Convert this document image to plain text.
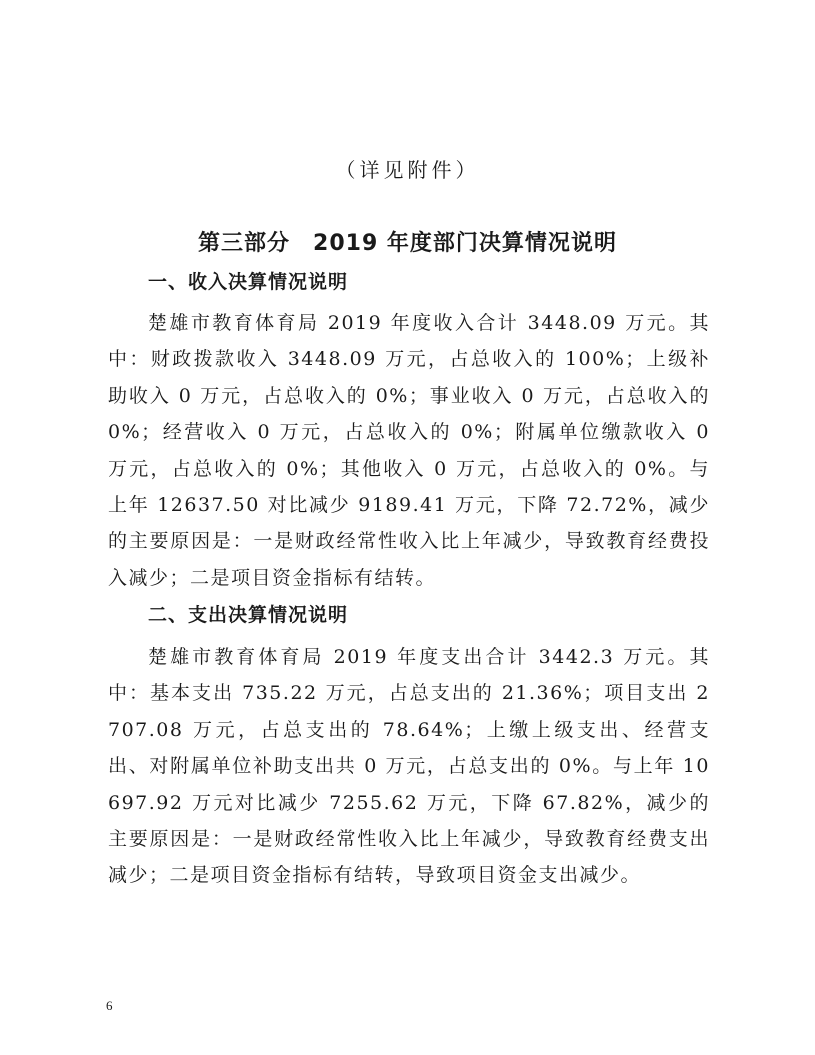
（详见附件）
第三部分　2019 年度部门决算情况说明
一、收入决算情况说明
楚雄市教育体育局 2019 年度收入合计 3448.09 万元。其中：财政拨款收入 3448.09 万元，占总收入的 100%；上级补助收入 0 万元，占总收入的 0%；事业收入 0 万元，占总收入的 0%；经营收入 0 万元，占总收入的 0%；附属单位缴款收入 0 万元，占总收入的 0%；其他收入 0 万元，占总收入的 0%。与上年 12637.50 对比减少 9189.41 万元，下降 72.72%，减少的主要原因是：一是财政经常性收入比上年减少，导致教育经费投入减少；二是项目资金指标有结转。
二、支出决算情况说明
楚雄市教育体育局 2019 年度支出合计 3442.3 万元。其中：基本支出 735.22 万元，占总支出的 21.36%；项目支出 2707.08 万元，占总支出的 78.64%；上缴上级支出、经营支出、对附属单位补助支出共 0 万元，占总支出的 0%。与上年 10697.92 万元对比减少 7255.62 万元，下降 67.82%，减少的主要原因是：一是财政经常性收入比上年减少，导致教育经费支出减少；二是项目资金指标有结转，导致项目资金支出减少。
6
